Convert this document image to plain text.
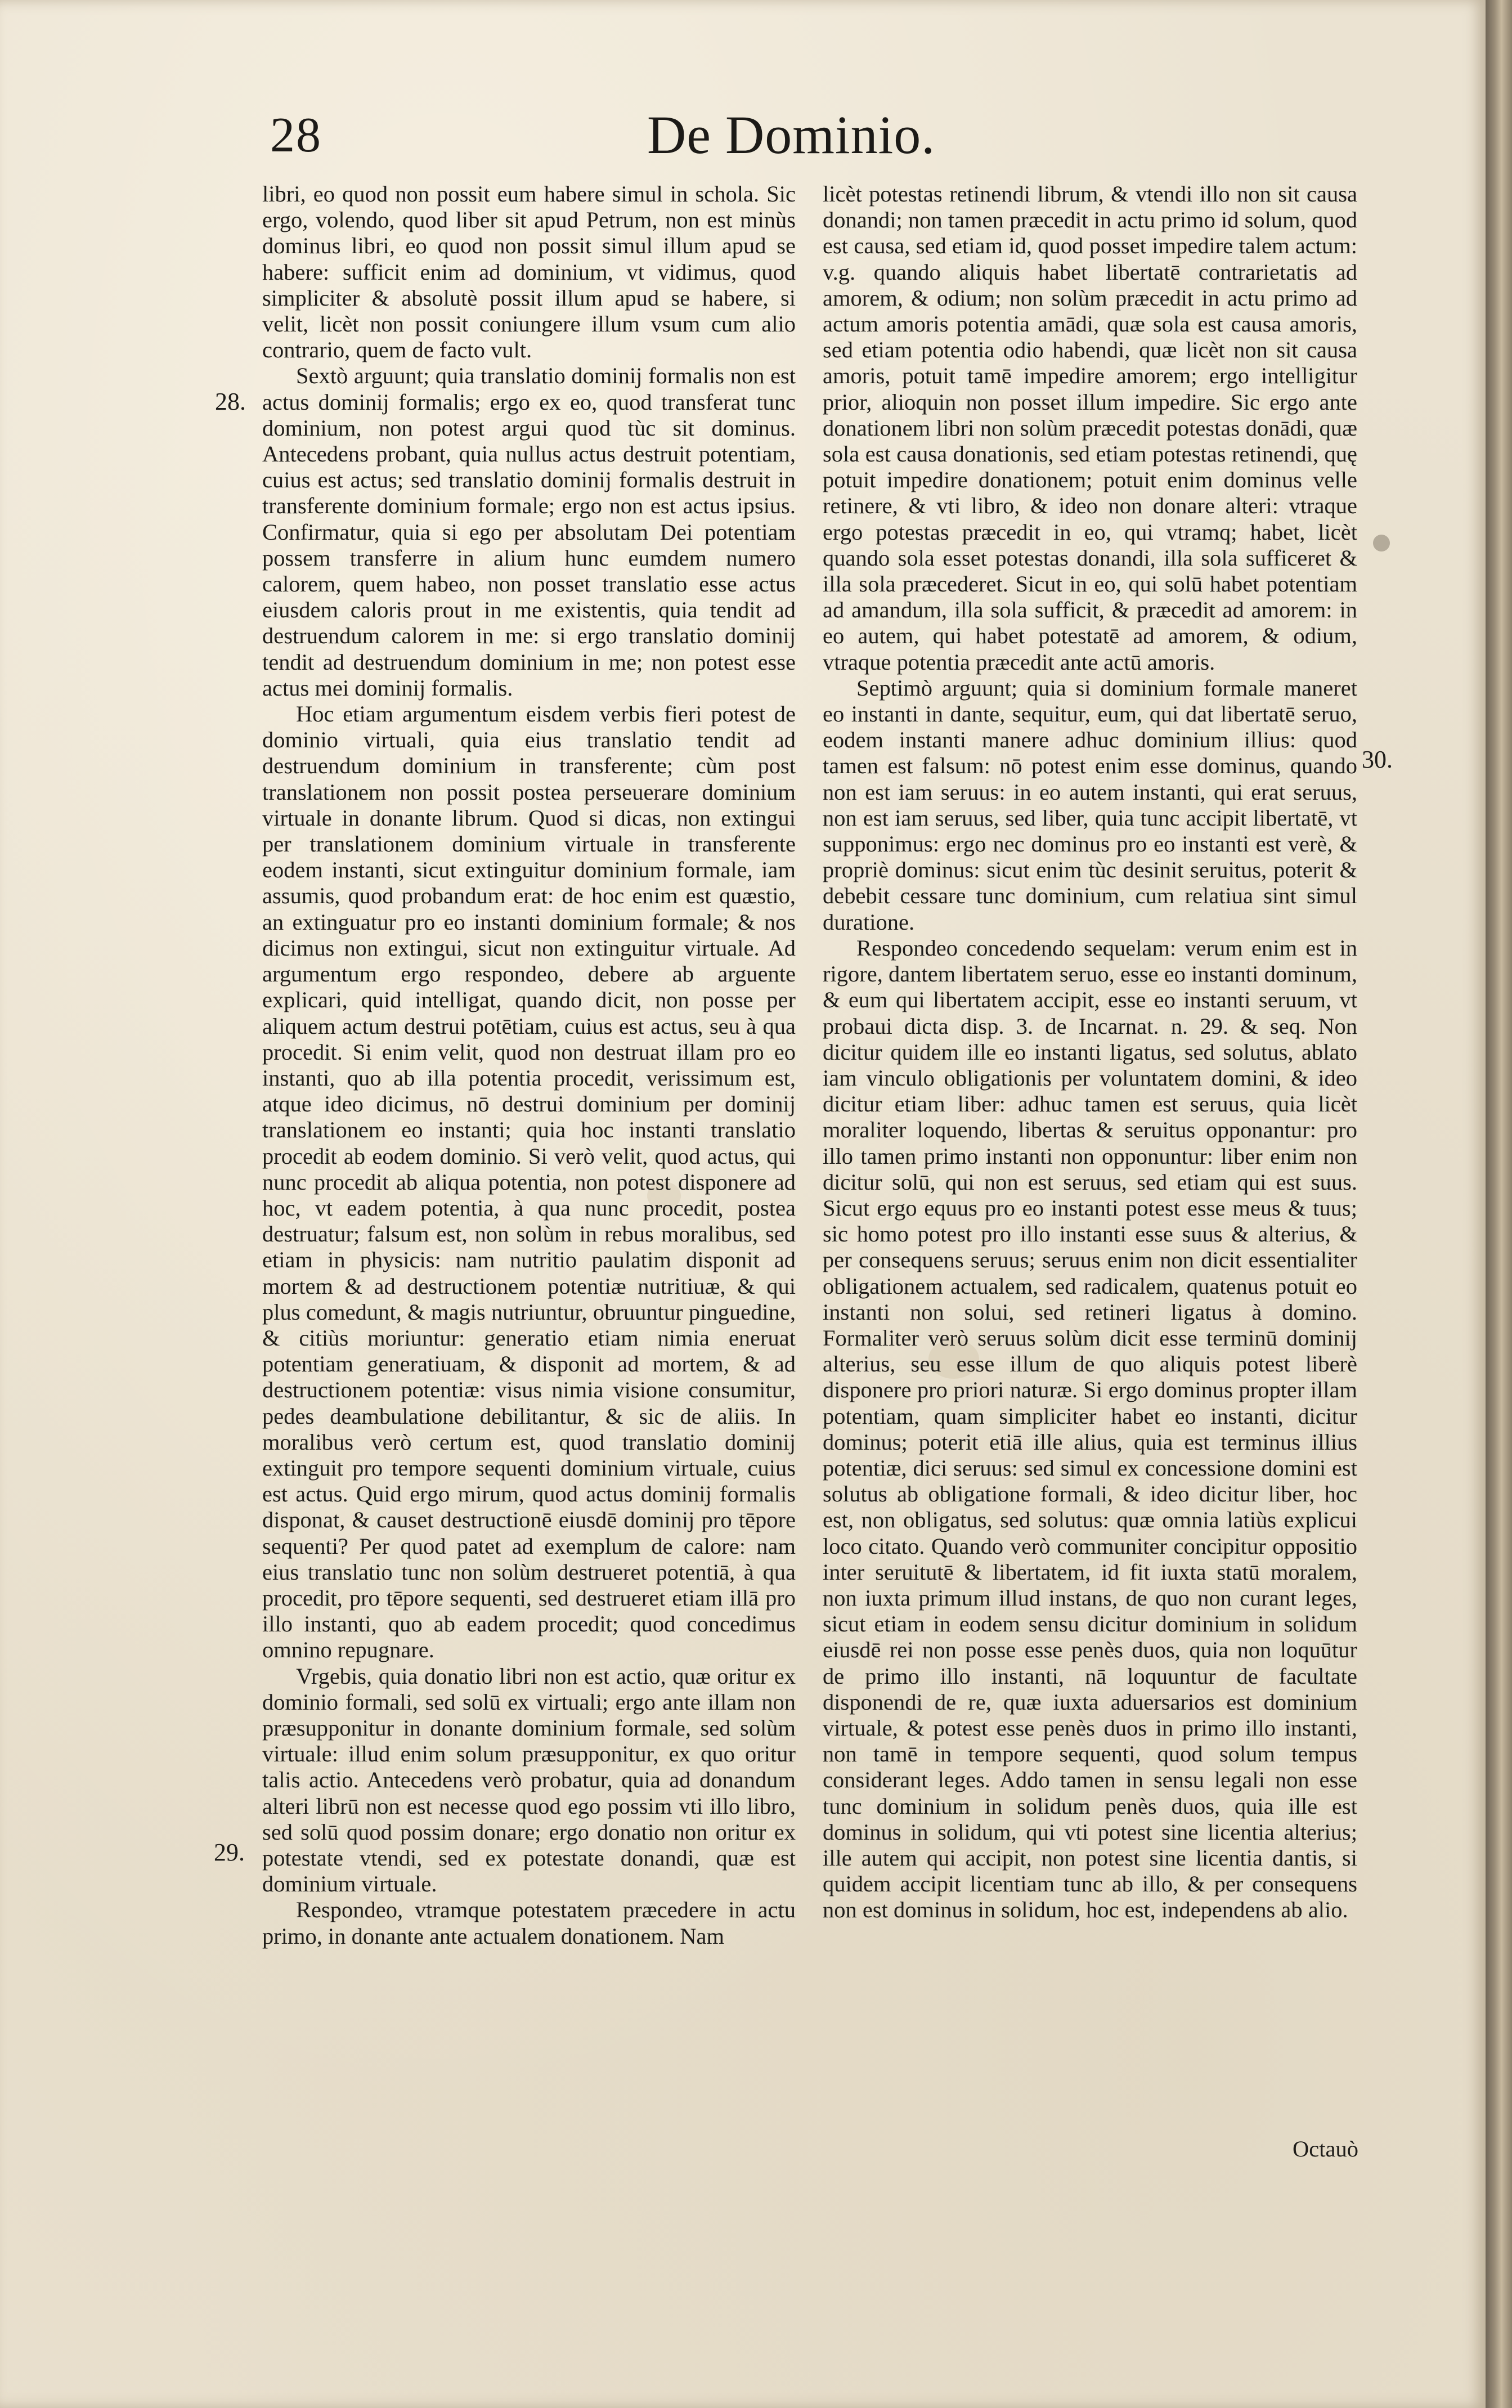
28	De Dominio.
28.
29.
30.

libri, eo quod non possit eum habere simul in schola. Sic ergo, volendo, quod liber sit apud Petrum, non est minùs dominus libri, eo quod non possit simul illum apud se habere: sufficit enim ad dominium, vt vidimus, quod simpliciter & absolutè possit illum apud se habere, si velit, licèt non possit coniungere illum vsum cum alio contrario, quem de facto vult.

Sextò arguunt; quia translatio dominij formalis non est actus dominij formalis; ergo ex eo, quod transferat tunc dominium, non potest argui quod tùc sit dominus. Antecedens probant, quia nullus actus destruit potentiam, cuius est actus; sed translatio dominij formalis destruit in transferente dominium formale; ergo non est actus ipsius. Confirmatur, quia si ego per absolutam Dei potentiam possem transferre in alium hunc eumdem numero calorem, quem habeo, non posset translatio esse actus eiusdem caloris prout in me existentis, quia tendit ad destruendum calorem in me: si ergo translatio dominij tendit ad destruendum dominium in me; non potest esse actus mei dominij formalis.

Hoc etiam argumentum eisdem verbis fieri potest de dominio virtuali, quia eius translatio tendit ad destruendum dominium in transferente; cùm post translationem non possit postea perseuerare dominium virtuale in donante librum. Quod si dicas, non extingui per translationem dominium virtuale in transferente eodem instanti, sicut extinguitur dominium formale, iam assumis, quod probandum erat: de hoc enim est quæstio, an extinguatur pro eo instanti dominium formale; & nos dicimus non extingui, sicut non extinguitur virtuale. Ad argumentum ergo respondeo, debere ab arguente explicari, quid intelligat, quando dicit, non posse per aliquem actum destrui potētiam, cuius est actus, seu à qua procedit. Si enim velit, quod non destruat illam pro eo instanti, quo ab illa potentia procedit, verissimum est, atque ideo dicimus, nō destrui dominium per dominij translationem eo instanti; quia hoc instanti translatio procedit ab eodem dominio. Si verò velit, quod actus, qui nunc procedit ab aliqua potentia, non potest disponere ad hoc, vt eadem potentia, à qua nunc procedit, postea destruatur; falsum est, non solùm in rebus moralibus, sed etiam in physicis: nam nutritio paulatim disponit ad mortem & ad destructionem potentiæ nutritiuæ, & qui plus comedunt, & magis nutriuntur, obruuntur pinguedine, & citiùs moriuntur: generatio etiam nimia eneruat potentiam generatiuam, & disponit ad mortem, & ad destructionem potentiæ: visus nimia visione consumitur, pedes deambulatione debilitantur, & sic de aliis. In moralibus verò certum est, quod translatio dominij extinguit pro tempore sequenti dominium virtuale, cuius est actus. Quid ergo mirum, quod actus dominij formalis disponat, & causet destructionē eiusdē dominij pro tēpore sequenti? Per quod patet ad exemplum de calore: nam eius translatio tunc non solùm destrueret potentiā, à qua procedit, pro tēpore sequenti, sed destrueret etiam illā pro illo instanti, quo ab eadem procedit; quod concedimus omnino repugnare.

Vrgebis, quia donatio libri non est actio, quæ oritur ex dominio formali, sed solū ex virtuali; ergo ante illam non præsupponitur in donante dominium formale, sed solùm virtuale: illud enim solum præsupponitur, ex quo oritur talis actio. Antecedens verò probatur, quia ad donandum alteri librū non est necesse quod ego possim vti illo libro, sed solū quod possim donare; ergo donatio non oritur ex potestate vtendi, sed ex potestate donandi, quæ est dominium virtuale.

Respondeo, vtramque potestatem præcedere in actu primo, in donante ante actualem donationem. Nam

licèt potestas retinendi librum, & vtendi illo non sit causa donandi; non tamen præcedit in actu primo id solum, quod est causa, sed etiam id, quod posset impedire talem actum: v.g. quando aliquis habet libertatē contrarietatis ad amorem, & odium; non solùm præcedit in actu primo ad actum amoris potentia amādi, quæ sola est causa amoris, sed etiam potentia odio habendi, quæ licèt non sit causa amoris, potuit tamē impedire amorem; ergo intelligitur prior, alioquin non posset illum impedire. Sic ergo ante donationem libri non solùm præcedit potestas donādi, quæ sola est causa donationis, sed etiam potestas retinendi, quę potuit impedire donationem; potuit enim dominus velle retinere, & vti libro, & ideo non donare alteri: vtraque ergo potestas præcedit in eo, qui vtramq; habet, licèt quando sola esset potestas donandi, illa sola sufficeret & illa sola præcederet. Sicut in eo, qui solū habet potentiam ad amandum, illa sola sufficit, & præcedit ad amorem: in eo autem, qui habet potestatē ad amorem, & odium, vtraque potentia præcedit ante actū amoris.

Septimò arguunt; quia si dominium formale maneret eo instanti in dante, sequitur, eum, qui dat libertatē seruo, eodem instanti manere adhuc dominium illius: quod tamen est falsum: nō potest enim esse dominus, quando non est iam seruus: in eo autem instanti, qui erat seruus, non est iam seruus, sed liber, quia tunc accipit libertatē, vt supponimus: ergo nec dominus pro eo instanti est verè, & propriè dominus: sicut enim tùc desinit seruitus, poterit & debebit cessare tunc dominium, cum relatiua sint simul duratione.

Respondeo concedendo sequelam: verum enim est in rigore, dantem libertatem seruo, esse eo instanti dominum, & eum qui libertatem accipit, esse eo instanti seruum, vt probaui dicta disp. 3. de Incarnat. n. 29. & seq. Non dicitur quidem ille eo instanti ligatus, sed solutus, ablato iam vinculo obligationis per voluntatem domini, & ideo dicitur etiam liber: adhuc tamen est seruus, quia licèt moraliter loquendo, libertas & seruitus opponantur: pro illo tamen primo instanti non opponuntur: liber enim non dicitur solū, qui non est seruus, sed etiam qui est suus. Sicut ergo equus pro eo instanti potest esse meus & tuus; sic homo potest pro illo instanti esse suus & alterius, & per consequens seruus; seruus enim non dicit essentialiter obligationem actualem, sed radicalem, quatenus potuit eo instanti non solui, sed retineri ligatus à domino. Formaliter verò seruus solùm dicit esse terminū dominij alterius, seu esse illum de quo aliquis potest liberè disponere pro priori naturæ. Si ergo dominus propter illam potentiam, quam simpliciter habet eo instanti, dicitur dominus; poterit etiā ille alius, quia est terminus illius potentiæ, dici seruus: sed simul ex concessione domini est solutus ab obligatione formali, & ideo dicitur liber, hoc est, non obligatus, sed solutus: quæ omnia latiùs explicui loco citato. Quando verò communiter concipitur oppositio inter seruitutē & libertatem, id fit iuxta statū moralem, non iuxta primum illud instans, de quo non curant leges, sicut etiam in eodem sensu dicitur dominium in solidum eiusdē rei non posse esse penès duos, quia non loquūtur de primo illo instanti, nā loquuntur de facultate disponendi de re, quæ iuxta aduersarios est dominium virtuale, & potest esse penès duos in primo illo instanti, non tamē in tempore sequenti, quod solum tempus considerant leges. Addo tamen in sensu legali non esse tunc dominium in solidum penès duos, quia ille est dominus in solidum, qui vti potest sine licentia alterius; ille autem qui accipit, non potest sine licentia dantis, si quidem accipit licentiam tunc ab illo, & per consequens non est dominus in solidum, hoc est, independens ab alio.

Octauò
